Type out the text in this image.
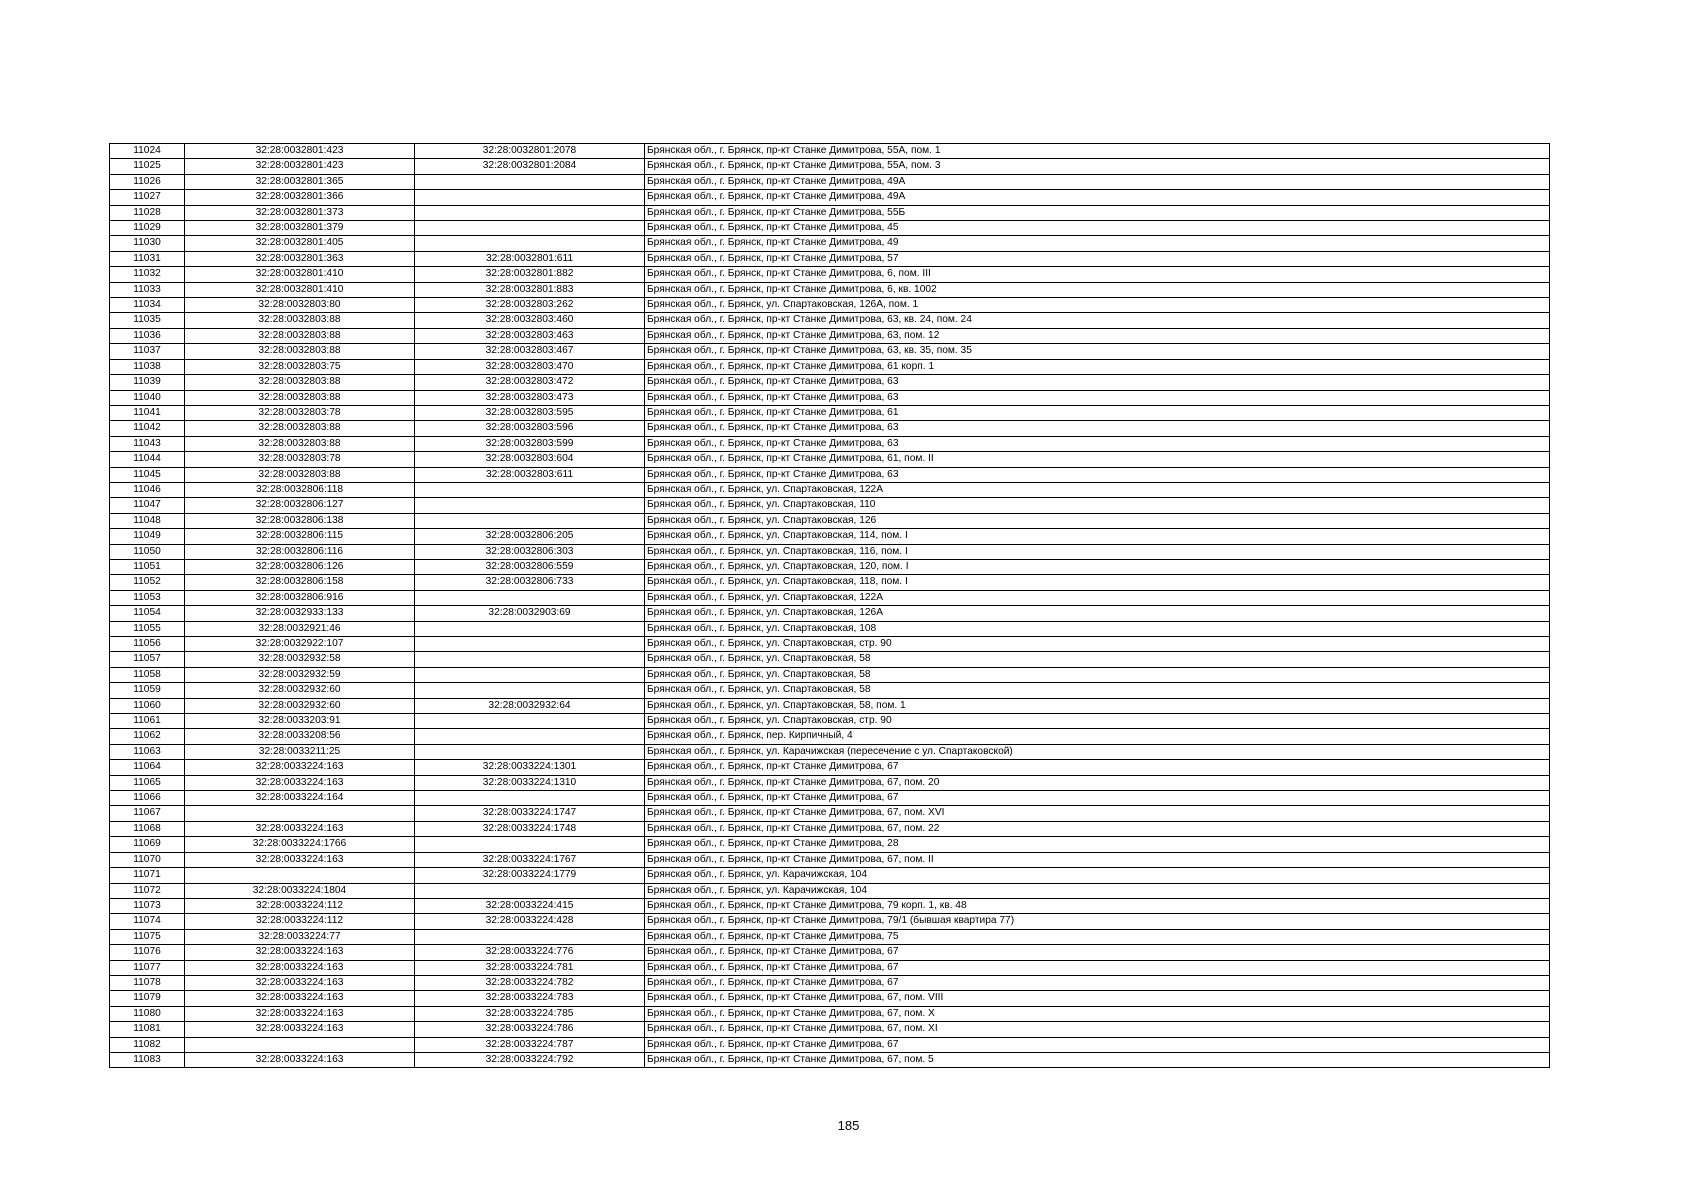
11024	32:28:0032801:423	32:28:0032801:2078	Брянская обл., г. Брянск, пр-кт Станке Димитрова, 55А, пом. 1
11025	32:28:0032801:423	32:28:0032801:2084	Брянская обл., г. Брянск, пр-кт Станке Димитрова, 55А, пом. 3
11026	32:28:0032801:365		Брянская обл., г. Брянск, пр-кт Станке Димитрова, 49А
11027	32:28:0032801:366		Брянская обл., г. Брянск, пр-кт Станке Димитрова, 49А
11028	32:28:0032801:373		Брянская обл., г. Брянск, пр-кт Станке Димитрова, 55Б
11029	32:28:0032801:379		Брянская обл., г. Брянск, пр-кт Станке Димитрова, 45
11030	32:28:0032801:405		Брянская обл., г. Брянск, пр-кт Станке Димитрова, 49
11031	32:28:0032801:363	32:28:0032801:611	Брянская обл., г. Брянск, пр-кт Станке Димитрова, 57
11032	32:28:0032801:410	32:28:0032801:882	Брянская обл., г. Брянск, пр-кт Станке Димитрова, 6, пом. III
11033	32:28:0032801:410	32:28:0032801:883	Брянская обл., г. Брянск, пр-кт Станке Димитрова, 6, кв. 1002
11034	32:28:0032803:80	32:28:0032803:262	Брянская обл., г. Брянск, ул. Спартаковская, 126А, пом. 1
11035	32:28:0032803:88	32:28:0032803:460	Брянская обл., г. Брянск, пр-кт Станке Димитрова, 63, кв. 24, пом. 24
11036	32:28:0032803:88	32:28:0032803:463	Брянская обл., г. Брянск, пр-кт Станке Димитрова, 63, пом. 12
11037	32:28:0032803:88	32:28:0032803:467	Брянская обл., г. Брянск, пр-кт Станке Димитрова, 63, кв. 35, пом. 35
11038	32:28:0032803:75	32:28:0032803:470	Брянская обл., г. Брянск, пр-кт Станке Димитрова, 61 корп. 1
11039	32:28:0032803:88	32:28:0032803:472	Брянская обл., г. Брянск, пр-кт Станке Димитрова, 63
11040	32:28:0032803:88	32:28:0032803:473	Брянская обл., г. Брянск, пр-кт Станке Димитрова, 63
11041	32:28:0032803:78	32:28:0032803:595	Брянская обл., г. Брянск, пр-кт Станке Димитрова, 61
11042	32:28:0032803:88	32:28:0032803:596	Брянская обл., г. Брянск, пр-кт Станке Димитрова, 63
11043	32:28:0032803:88	32:28:0032803:599	Брянская обл., г. Брянск, пр-кт Станке Димитрова, 63
11044	32:28:0032803:78	32:28:0032803:604	Брянская обл., г. Брянск, пр-кт Станке Димитрова, 61, пом. II
11045	32:28:0032803:88	32:28:0032803:611	Брянская обл., г. Брянск, пр-кт Станке Димитрова, 63
11046	32:28:0032806:118		Брянская обл., г. Брянск, ул. Спартаковская, 122А
11047	32:28:0032806:127		Брянская обл., г. Брянск, ул. Спартаковская, 110
11048	32:28:0032806:138		Брянская обл., г. Брянск, ул. Спартаковская, 126
11049	32:28:0032806:115	32:28:0032806:205	Брянская обл., г. Брянск, ул. Спартаковская, 114, пом. I
11050	32:28:0032806:116	32:28:0032806:303	Брянская обл., г. Брянск, ул. Спартаковская, 116, пом. I
11051	32:28:0032806:126	32:28:0032806:559	Брянская обл., г. Брянск, ул. Спартаковская, 120, пом. I
11052	32:28:0032806:158	32:28:0032806:733	Брянская обл., г. Брянск, ул. Спартаковская, 118, пом. I
11053	32:28:0032806:916		Брянская обл., г. Брянск, ул. Спартаковская, 122А
11054	32:28:0032933:133	32:28:0032903:69	Брянская обл., г. Брянск, ул. Спартаковская, 126А
11055	32:28:0032921:46		Брянская обл., г. Брянск, ул. Спартаковская, 108
11056	32:28:0032922:107		Брянская обл., г. Брянск, ул. Спартаковская, стр. 90
11057	32:28:0032932:58		Брянская обл., г. Брянск, ул. Спартаковская, 58
11058	32:28:0032932:59		Брянская обл., г. Брянск, ул. Спартаковская, 58
11059	32:28:0032932:60		Брянская обл., г. Брянск, ул. Спартаковская, 58
11060	32:28:0032932:60	32:28:0032932:64	Брянская обл., г. Брянск, ул. Спартаковская, 58, пом. 1
11061	32:28:0033203:91		Брянская обл., г. Брянск, ул. Спартаковская, стр. 90
11062	32:28:0033208:56		Брянская обл., г. Брянск, пер. Кирпичный, 4
11063	32:28:0033211:25		Брянская обл., г. Брянск, ул. Карачижская (пересечение с ул. Спартаковской)
11064	32:28:0033224:163	32:28:0033224:1301	Брянская обл., г. Брянск, пр-кт Станке Димитрова, 67
11065	32:28:0033224:163	32:28:0033224:1310	Брянская обл., г. Брянск, пр-кт Станке Димитрова, 67, пом. 20
11066	32:28:0033224:164		Брянская обл., г. Брянск, пр-кт Станке Димитрова, 67
11067		32:28:0033224:1747	Брянская обл., г. Брянск, пр-кт Станке Димитрова, 67, пом. XVI
11068	32:28:0033224:163	32:28:0033224:1748	Брянская обл., г. Брянск, пр-кт Станке Димитрова, 67, пом. 22
11069	32:28:0033224:1766		Брянская обл., г. Брянск, пр-кт Станке Димитрова, 28
11070	32:28:0033224:163	32:28:0033224:1767	Брянская обл., г. Брянск, пр-кт Станке Димитрова, 67, пом. II
11071		32:28:0033224:1779	Брянская обл., г. Брянск, ул. Карачижская, 104
11072	32:28:0033224:1804		Брянская обл., г. Брянск, ул. Карачижская, 104
11073	32:28:0033224:112	32:28:0033224:415	Брянская обл., г. Брянск, пр-кт Станке Димитрова, 79 корп. 1, кв. 48
11074	32:28:0033224:112	32:28:0033224:428	Брянская обл., г. Брянск, пр-кт Станке Димитрова, 79/1 (бывшая квартира 77)
11075	32:28:0033224:77		Брянская обл., г. Брянск, пр-кт Станке Димитрова, 75
11076	32:28:0033224:163	32:28:0033224:776	Брянская обл., г. Брянск, пр-кт Станке Димитрова, 67
11077	32:28:0033224:163	32:28:0033224:781	Брянская обл., г. Брянск, пр-кт Станке Димитрова, 67
11078	32:28:0033224:163	32:28:0033224:782	Брянская обл., г. Брянск, пр-кт Станке Димитрова, 67
11079	32:28:0033224:163	32:28:0033224:783	Брянская обл., г. Брянск, пр-кт Станке Димитрова, 67, пом. VIII
11080	32:28:0033224:163	32:28:0033224:785	Брянская обл., г. Брянск, пр-кт Станке Димитрова, 67, пом. X
11081	32:28:0033224:163	32:28:0033224:786	Брянская обл., г. Брянск, пр-кт Станке Димитрова, 67, пом. XI
11082		32:28:0033224:787	Брянская обл., г. Брянск, пр-кт Станке Димитрова, 67
11083	32:28:0033224:163	32:28:0033224:792	Брянская обл., г. Брянск, пр-кт Станке Димитрова, 67, пом. 5
185
